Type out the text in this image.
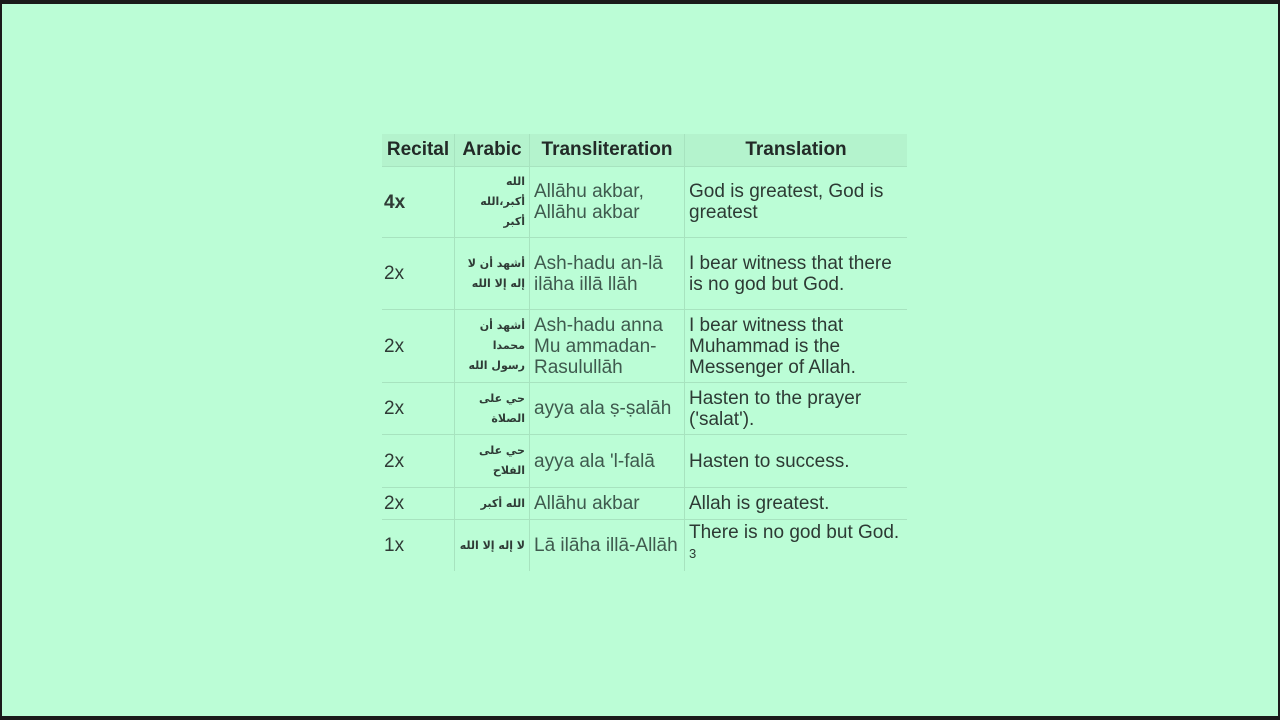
Recital	Arabic	Transliteration	Translation
4x	الله أكبر،الله أكبر	Allāhu akbar, Allāhu akbar	God is greatest, God is greatest
2x	أشهد أن لا إله إلا الله	Ash-hadu an-lā ilāha illā llāh	I bear witness that there is no god but God.
2x	أشهد أن محمدا رسول الله	Ash-hadu anna Mu ammadan-Rasulullāh	I bear witness that Muhammad is the Messenger of Allah.
2x	حي على الصلاة	ayya ala ṣ-ṣalāh	Hasten to the prayer ('salat').
2x	حي على الفلاح	ayya ala 'l-falā	Hasten to success.
2x	الله أكبر	Allāhu akbar	Allah is greatest.
1x	لا إله إلا الله	Lā ilāha illā-Allāh	There is no god but God. $^3$
